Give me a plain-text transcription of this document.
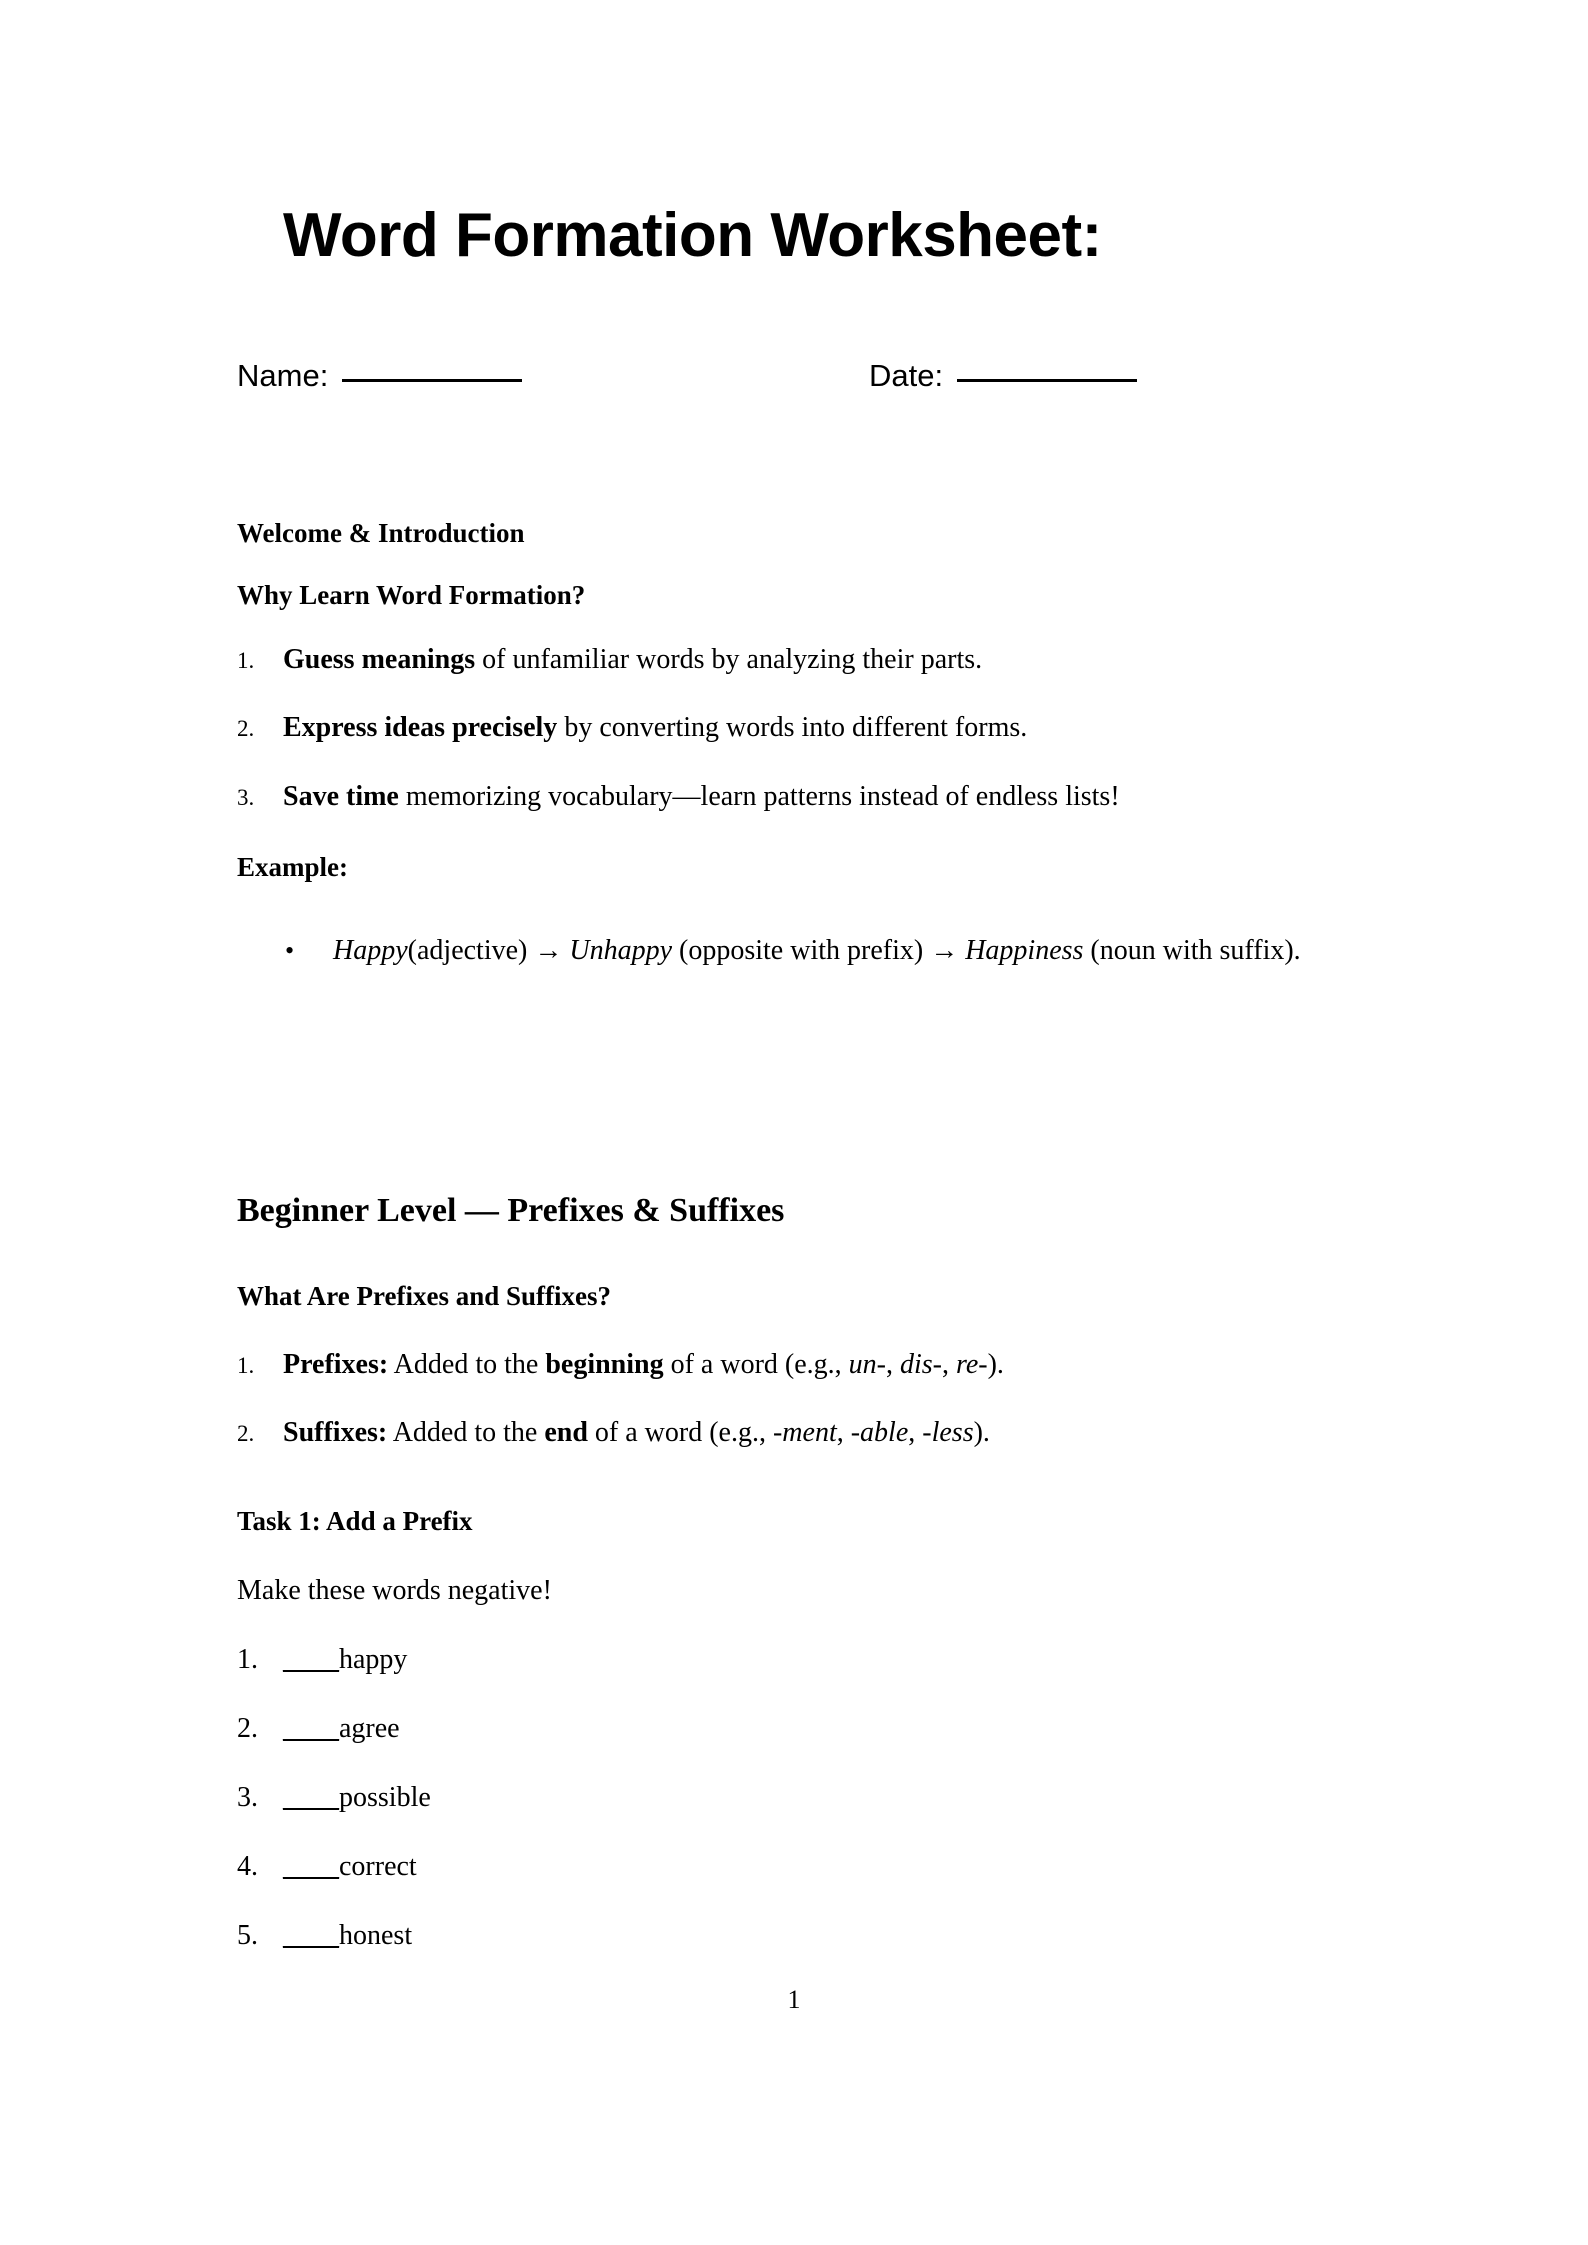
Word Formation Worksheet:
Name:	Date:
Welcome & Introduction
Why Learn Word Formation?
1. Guess meanings of unfamiliar words by analyzing their parts.
2. Express ideas precisely by converting words into different forms.
3. Save time memorizing vocabulary—learn patterns instead of endless lists!
Example:
• Happy(adjective) → Unhappy (opposite with prefix) → Happiness (noun with suffix).
Beginner Level — Prefixes & Suffixes
What Are Prefixes and Suffixes?
1. Prefixes: Added to the beginning of a word (e.g., un-, dis-, re-).
2. Suffixes: Added to the end of a word (e.g., -ment, -able, -less).
Task 1: Add a Prefix
Make these words negative!
1. ____happy
2. ____agree
3. ____possible
4. ____correct
5. ____honest
1
